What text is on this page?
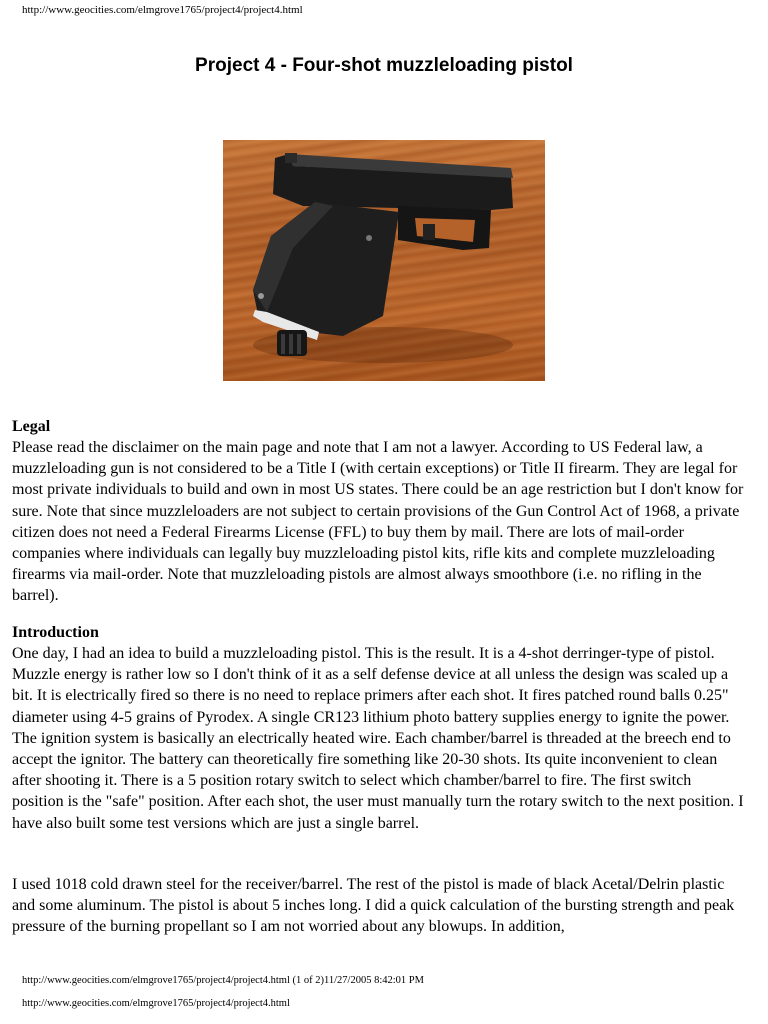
http://www.geocities.com/elmgrove1765/project4/project4.html
Project 4 - Four-shot muzzleloading pistol

Legal

Please read the disclaimer on the main page and note that I am not a lawyer. According to US Federal law, a muzzleloading gun is not considered to be a Title I (with certain exceptions) or Title II firearm. They are legal for most private individuals to build and own in most US states. There could be an age restriction but I don't know for sure. Note that since muzzleloaders are not subject to certain provisions of the Gun Control Act of 1968, a private citizen does not need a Federal Firearms License (FFL) to buy them by mail. There are lots of mail-order companies where individuals can legally buy muzzleloading pistol kits, rifle kits and complete muzzleloading firearms via mail-order. Note that muzzleloading pistols are almost always smoothbore (i.e. no rifling in the barrel).

Introduction

One day, I had an idea to build a muzzleloading pistol. This is the result. It is a 4-shot derringer-type of pistol. Muzzle energy is rather low so I don't think of it as a self defense device at all unless the design was scaled up a bit. It is electrically fired so there is no need to replace primers after each shot. It fires patched round balls 0.25" diameter using 4-5 grains of Pyrodex. A single CR123 lithium photo battery supplies energy to ignite the power. The ignition system is basically an electrically heated wire. Each chamber/barrel is threaded at the breech end to accept the ignitor. The battery can theoretically fire something like 20-30 shots. Its quite inconvenient to clean after shooting it. There is a 5 position rotary switch to select which chamber/barrel to fire. The first switch position is the "safe" position. After each shot, the user must manually turn the rotary switch to the next position. I have also built some test versions which are just a single barrel.

I used 1018 cold drawn steel for the receiver/barrel. The rest of the pistol is made of black Acetal/Delrin plastic and some aluminum. The pistol is about 5 inches long. I did a quick calculation of the bursting strength and peak pressure of the burning propellant so I am not worried about any blowups. In addition,

http://www.geocities.com/elmgrove1765/project4/project4.html (1 of 2)11/27/2005 8:42:01 PM
http://www.geocities.com/elmgrove1765/project4/project4.html
